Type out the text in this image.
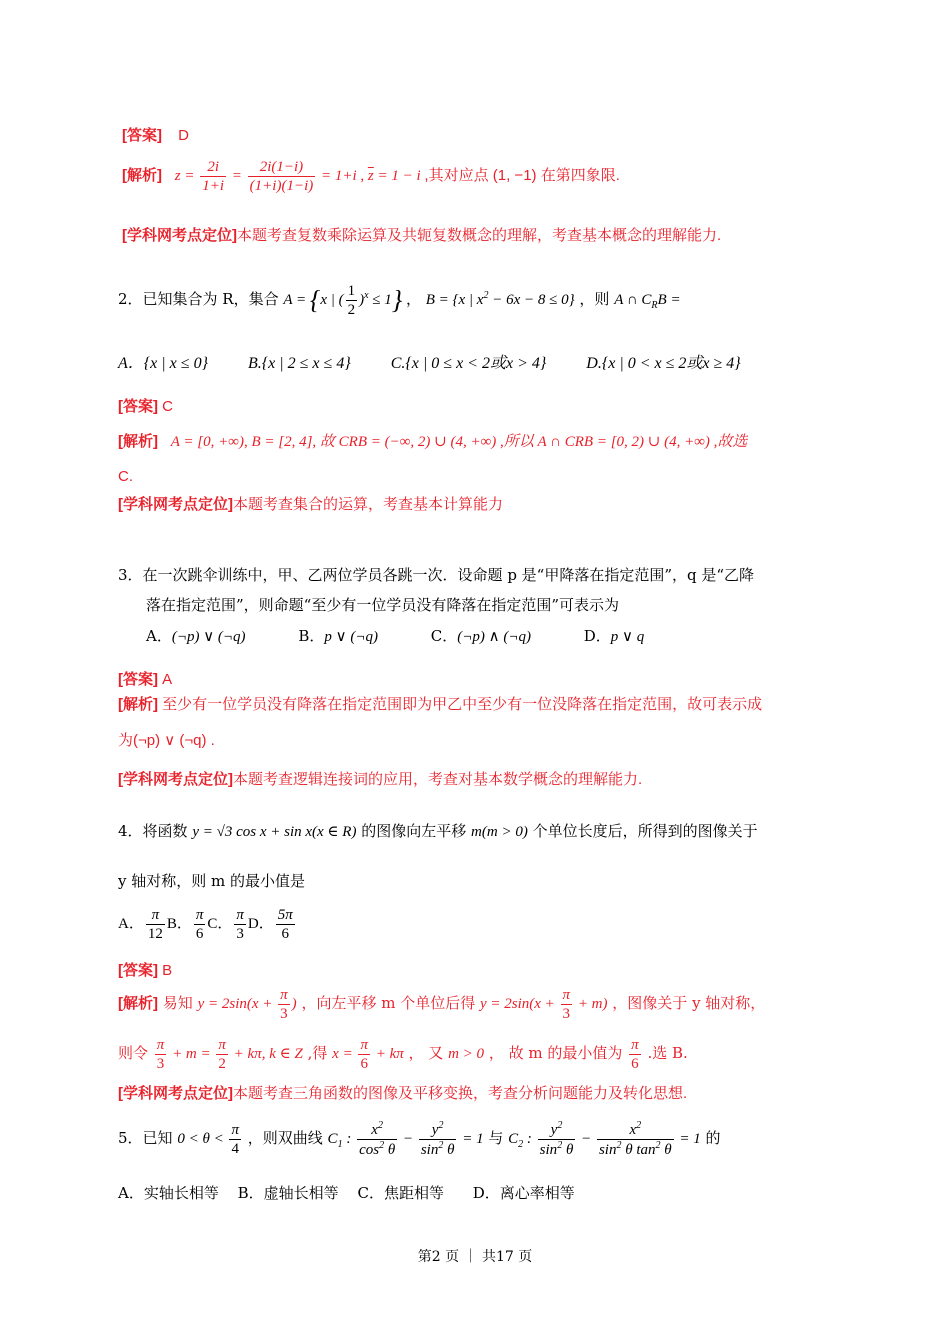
[答案] D
[解析] $z = \frac{2i}{1+i} = \frac{2i(1-i)}{(1+i)(1-i)} = 1+i$ , $\overline{z} = 1 - i$ ,其对应点 (1, −1) 在第四象限.
[学科网考点定位]本题考查复数乘除运算及共轭复数概念的理解，考查基本概念的理解能力.
2．已知集合为 R，集合 A = {x | ( $\frac{1}{2} )^x \le 1$} ， B = {x | $x^2 - 6x - 8 \le 0$} ，则 A ∩ $C_RB$ =
A．{x | x ≤ 0}	B.{x | 2 ≤ x ≤ 4}	C.{x | 0 ≤ x < 2或x > 4}	D.{x | 0 < x ≤ 2或x ≥ 4}
[答案] C
[解析] A = [0, +∞), B = [2, 4], 故 CRB = (−∞, 2) ∪ (4, +∞) ,所以 A ∩ CRB = [0, 2) ∪ (4, +∞) ,故选
C.
[学科网考点定位]本题考查集合的运算，考查基本计算能力
3．在一次跳伞训练中，甲、乙两位学员各跳一次．设命题 p 是“甲降落在指定范围”，q 是“乙降
落在指定范围”，则命题“至少有一位学员没有降落在指定范围”可表示为
A．(¬p) ∨ (¬q)	B．p ∨ (¬q)	C．(¬p) ∧ (¬q)	D．p ∨ q
[答案] A
[解析] 至少有一位学员没有降落在指定范围即为甲乙中至少有一位没降落在指定范围，故可表示成
为(¬p) ∨ (¬q) .
[学科网考点定位]本题考查逻辑连接词的应用，考查对基本数学概念的理解能力.
4．将函数 y = √3 cos x + sin x(x ∈ R) 的图像向左平移 m(m > 0) 个单位长度后，所得到的图像关于
y 轴对称，则 m 的最小值是
A． $\frac{\pi}{12}$ B． $\frac{\pi}{6}$ C． $\frac{\pi}{3}$ D． $\frac{5\pi}{6}$
[答案] B
[解析] 易知 $y = 2\sin(x + \frac{\pi}{3}$ ) ，向左平移 m 个单位后得 $y = 2\sin(x + \frac{\pi}{3} + m)$ ，图像关于 y 轴对称，
则令 $\frac{\pi}{3} + m = \frac{\pi}{2} + k\pi$, k ∈ Z ,得 $x = \frac{\pi}{6} + k\pi$ ， 又 m > 0 ， 故 m 的最小值为 $\frac{\pi}{6}$ .选 B.
[学科网考点定位]本题考查三角函数的图像及平移变换，考查分析问题能力及转化思想.
5．已知 $0 < \theta < \frac{\pi}{4}$ ，则双曲线 $C_1$ : $\frac{x^2}{\cos^2 \theta} - \frac{y^2}{\sin^2 \theta} = 1$ 与 $C_2$ : $\frac{y^2}{\sin^2 \theta} - \frac{x^2}{\sin^2 \theta \tan^2 \theta} = 1$ 的
A．实轴长相等 B．虚轴长相等 C．焦距相等 D．离心率相等
第2 页 ｜ 共17 页
